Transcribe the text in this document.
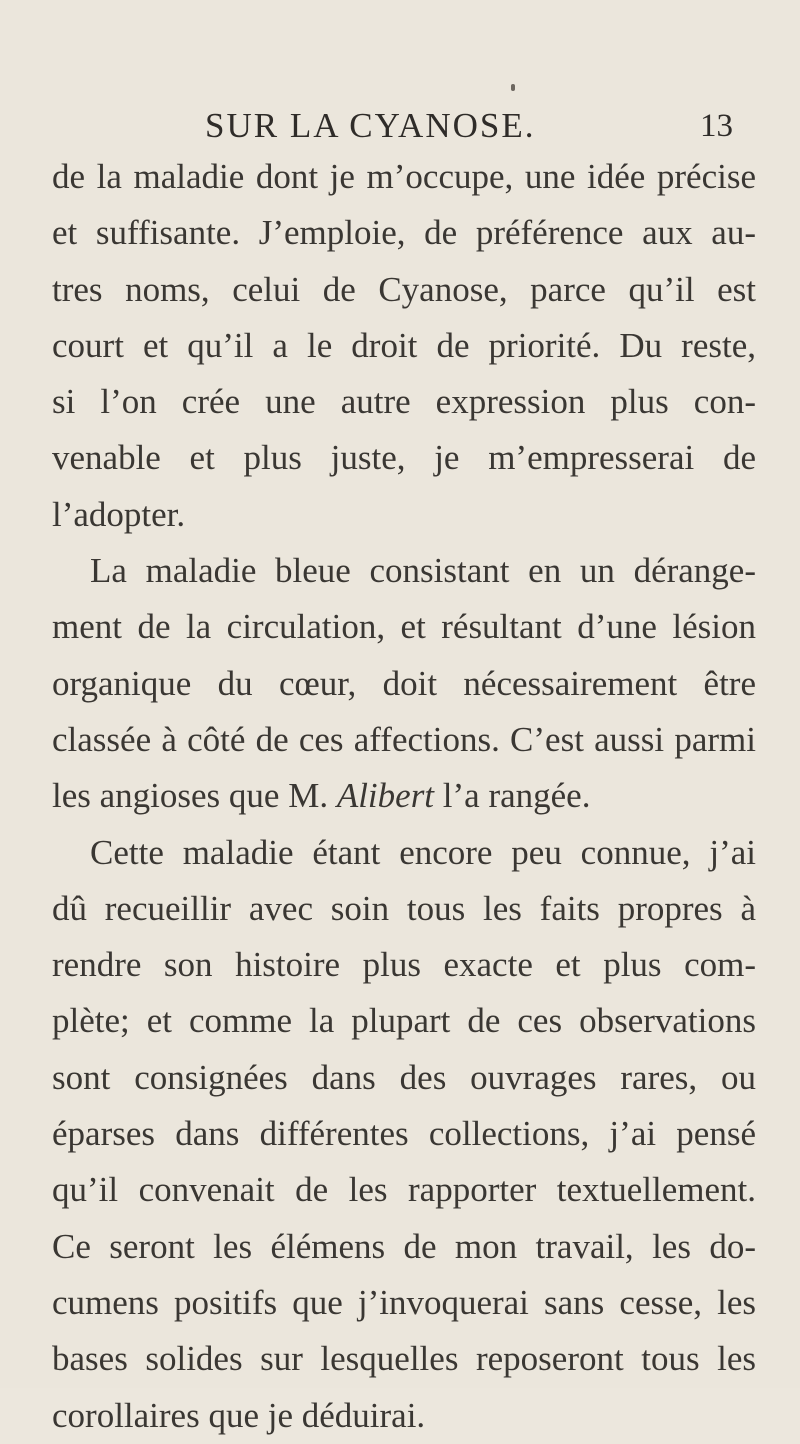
SUR LA CYANOSE.	13
de la maladie dont je m’occupe, une idée précise
et suffisante. J’emploie, de préférence aux au-
tres noms, celui de Cyanose, parce qu’il est
court et qu’il a le droit de priorité. Du reste,
si l’on crée une autre expression plus con-
venable et plus juste, je m’empresserai de
l’adopter.
La maladie bleue consistant en un dérange-
ment de la circulation, et résultant d’une lésion
organique du cœur, doit nécessairement être
classée à côté de ces affections. C’est aussi parmi
les angioses que M. Alibert l’a rangée.
Cette maladie étant encore peu connue, j’ai
dû recueillir avec soin tous les faits propres à
rendre son histoire plus exacte et plus com-
plète; et comme la plupart de ces observations
sont consignées dans des ouvrages rares, ou
éparses dans différentes collections, j’ai pensé
qu’il convenait de les rapporter textuellement.
Ce seront les élémens de mon travail, les do-
cumens positifs que j’invoquerai sans cesse, les
bases solides sur lesquelles reposeront tous les
corollaires que je déduirai.
